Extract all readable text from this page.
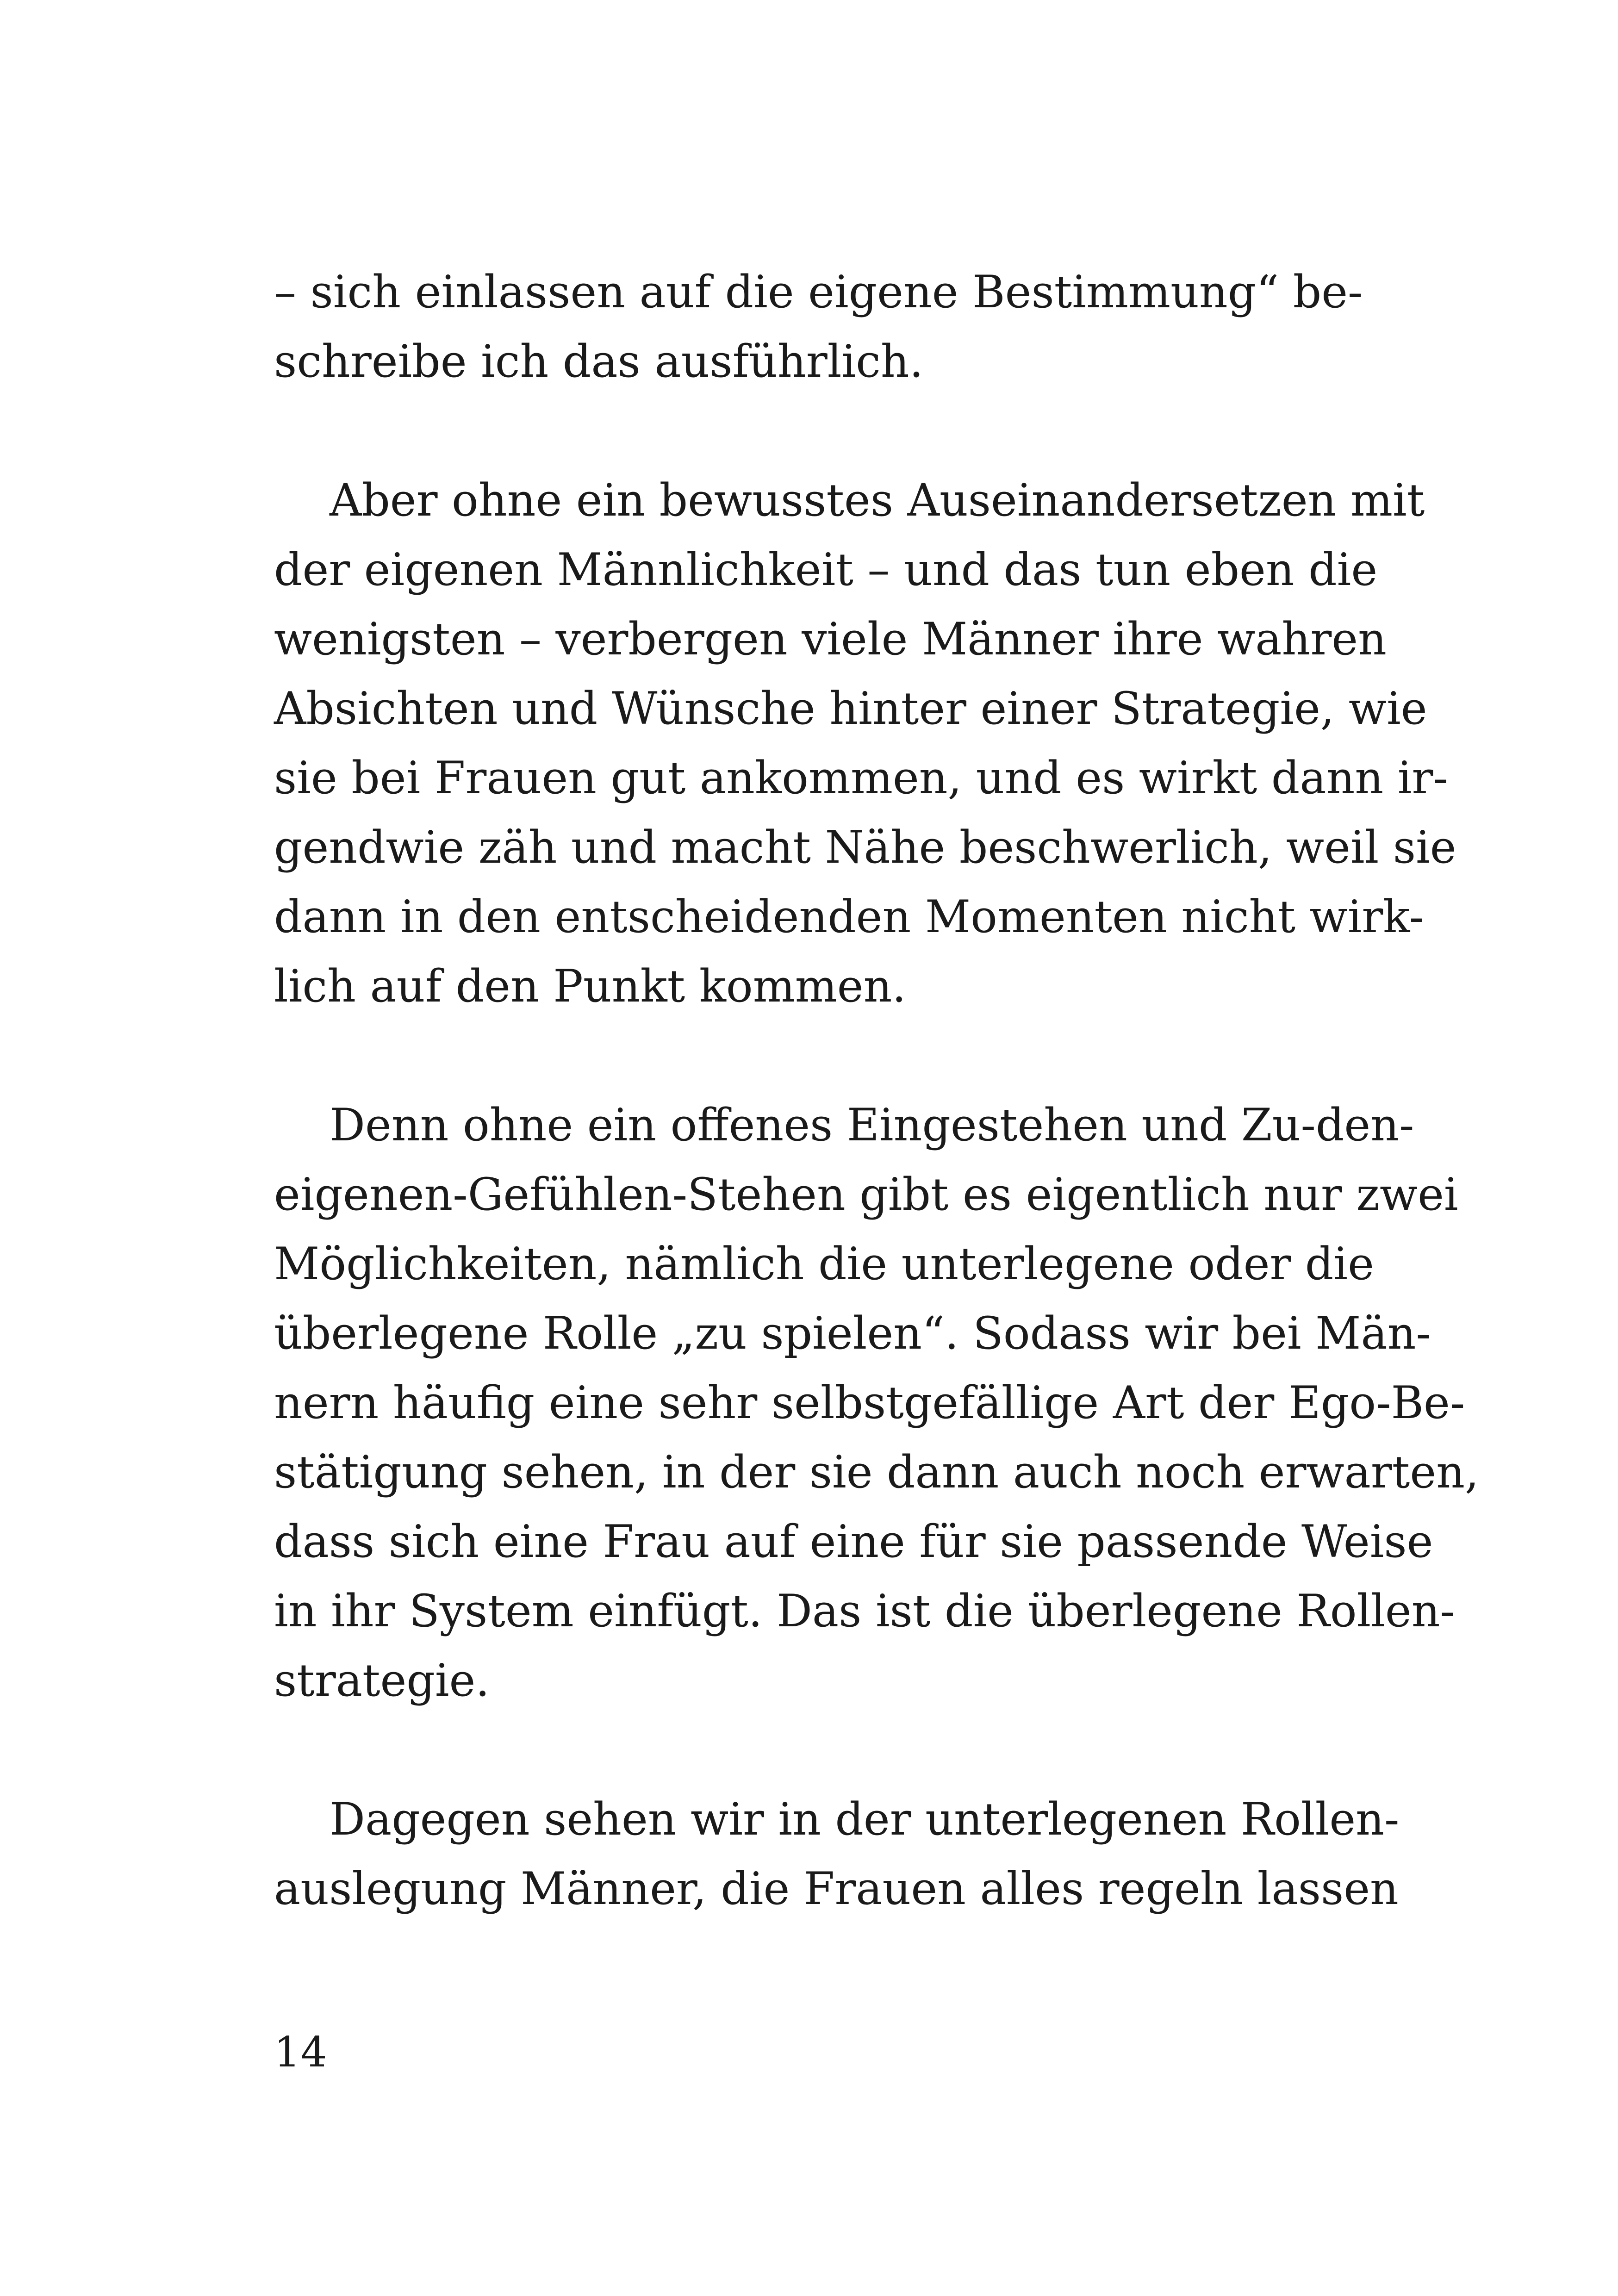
– sich einlassen auf die eigene Bestimmung“ be-
schreibe ich das ausführlich.
Aber ohne ein bewusstes Auseinandersetzen mit
der eigenen Männlichkeit – und das tun eben die
wenigsten – verbergen viele Männer ihre wahren
Absichten und Wünsche hinter einer Strategie, wie
sie bei Frauen gut ankommen, und es wirkt dann ir-
gendwie zäh und macht Nähe beschwerlich, weil sie
dann in den entscheidenden Momenten nicht wirk-
lich auf den Punkt kommen.
Denn ohne ein offenes Eingestehen und Zu-den-
eigenen-Gefühlen-Stehen gibt es eigentlich nur zwei
Möglichkeiten, nämlich die unterlegene oder die
überlegene Rolle „zu spielen“. Sodass wir bei Män-
nern häufig eine sehr selbstgefällige Art der Ego-Be-
stätigung sehen, in der sie dann auch noch erwarten,
dass sich eine Frau auf eine für sie passende Weise
in ihr System einfügt. Das ist die überlegene Rollen-
strategie.
Dagegen sehen wir in der unterlegenen Rollen-
auslegung Männer, die Frauen alles regeln lassen
14
